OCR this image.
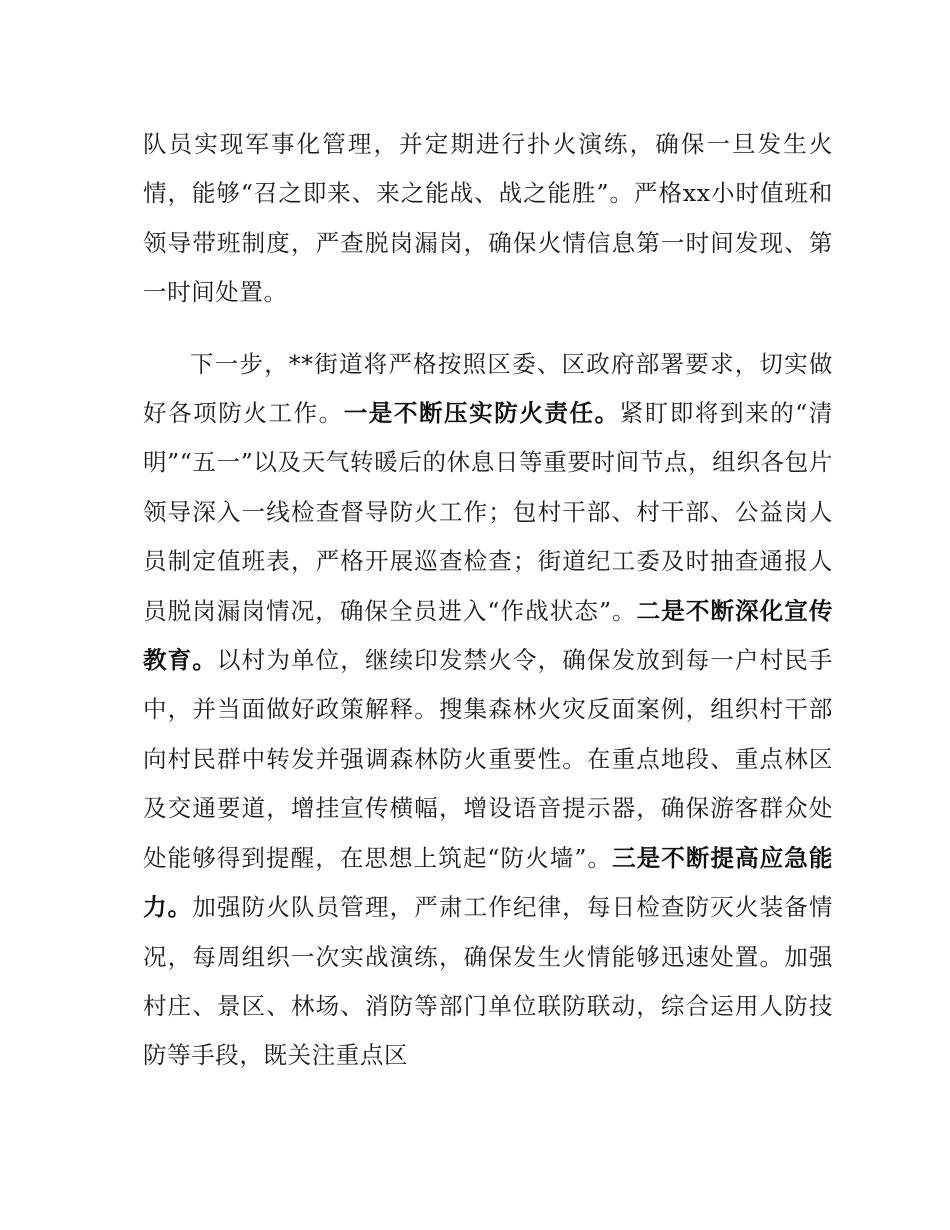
队员实现军事化管理，并定期进行扑火演练，确保一旦发生火情，能够“召之即来、来之能战、战之能胜”。严格xx小时值班和领导带班制度，严查脱岗漏岗，确保火情信息第一时间发现、第一时间处置。

下一步，**街道将严格按照区委、区政府部署要求，切实做好各项防火工作。一是不断压实防火责任。紧盯即将到来的“清明”“五一”以及天气转暖后的休息日等重要时间节点，组织各包片领导深入一线检查督导防火工作；包村干部、村干部、公益岗人员制定值班表，严格开展巡查检查；街道纪工委及时抽查通报人员脱岗漏岗情况，确保全员进入“作战状态”。二是不断深化宣传教育。以村为单位，继续印发禁火令，确保发放到每一户村民手中，并当面做好政策解释。搜集森林火灾反面案例，组织村干部向村民群中转发并强调森林防火重要性。在重点地段、重点林区及交通要道，增挂宣传横幅，增设语音提示器，确保游客群众处处能够得到提醒，在思想上筑起“防火墙”。三是不断提高应急能力。加强防火队员管理，严肃工作纪律，每日检查防灭火装备情况，每周组织一次实战演练，确保发生火情能够迅速处置。加强村庄、景区、林场、消防等部门单位联防联动，综合运用人防技防等手段，既关注重点区
